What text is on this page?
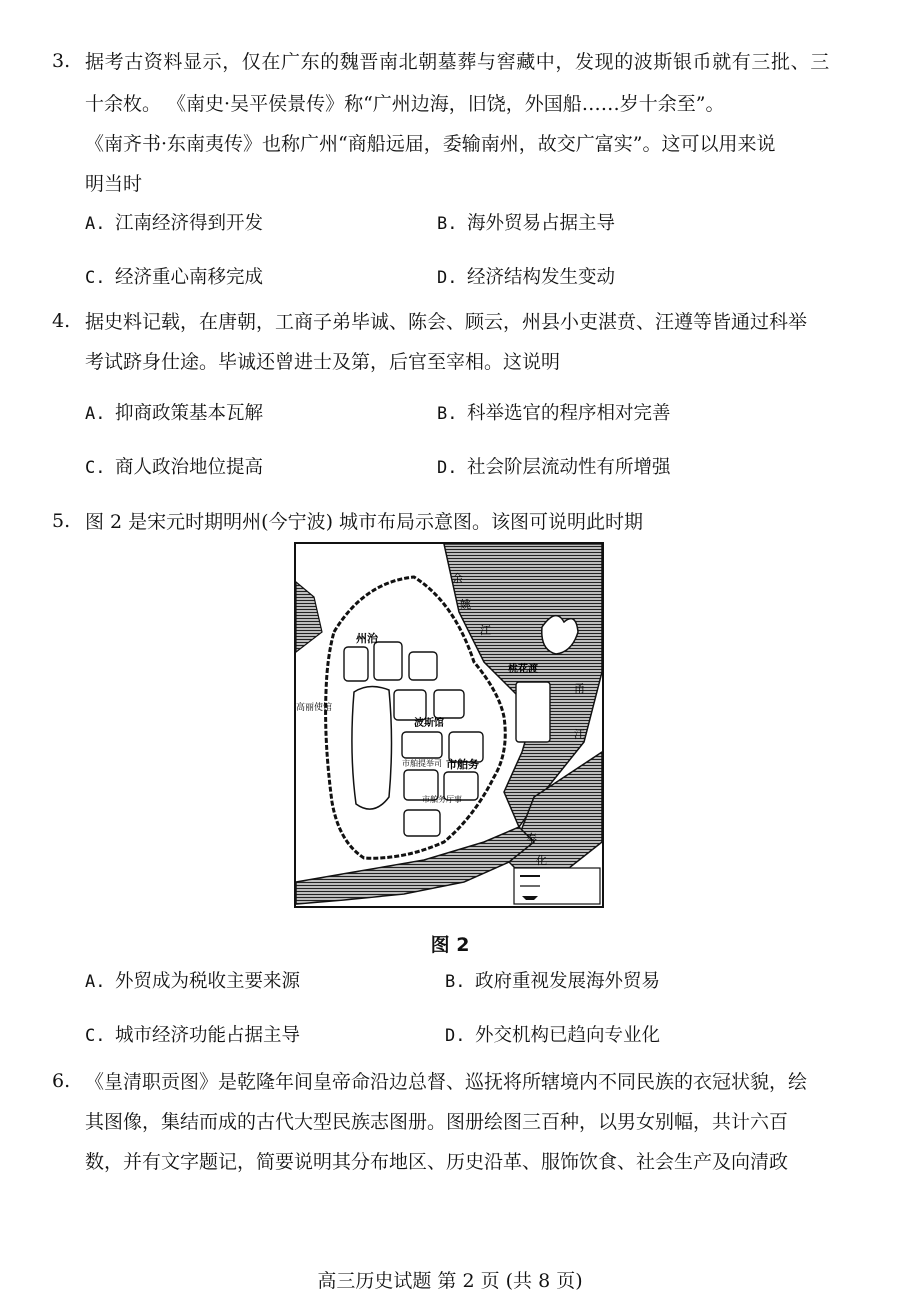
3. 据考古资料显示，仅在广东的魏晋南北朝墓葬与窖藏中，发现的波斯银币就有三批、三
十余枚。 《南史·吴平侯景传》称“广州边海，旧饶，外国船……岁十余至”。
《南齐书·东南夷传》也称广州“商船远届，委输南州，故交广富实”。这可以用来说
明当时
A. 江南经济得到开发	B. 海外贸易占据主导
C. 经济重心南移完成	D. 经济结构发生变动
4. 据史料记载，在唐朝，工商子弟毕诚、陈会、顾云，州县小吏湛贲、汪遵等皆通过科举
考试跻身仕途。毕诚还曾进士及第，后官至宰相。这说明
A. 抑商政策基本瓦解	B. 科举选官的程序相对完善
C. 商人政治地位提高	D. 社会阶层流动性有所增强
5. 图 2 是宋元时期明州(今宁波) 城市布局示意图。该图可说明此时期
州治
高丽使馆
波斯馆
市舶提举司 市舶务
市舶务厅事
桃花渡
余
姚
江
甬
江
奉
化
图 2
A. 外贸成为税收主要来源	B. 政府重视发展海外贸易
C. 城市经济功能占据主导	D. 外交机构已趋向专业化
6. 《皇清职贡图》是乾隆年间皇帝命沿边总督、巡抚将所辖境内不同民族的衣冠状貌，绘
其图像，集结而成的古代大型民族志图册。图册绘图三百种，以男女别幅，共计六百
数，并有文字题记，简要说明其分布地区、历史沿革、服饰饮食、社会生产及向清政
高三历史试题 第 2 页 (共 8 页)
